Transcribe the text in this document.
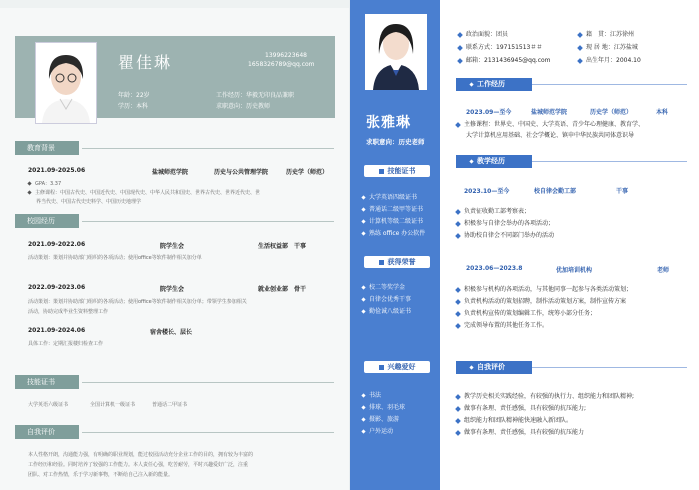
瞿佳琳	13996223648
1658326789@qq.com
年龄：22岁
学历：本科
工作经历：华毅无印良品兼职
求职意向：历史教师
教育背景
2021.09-2025.06	盐城师范学院	历史与公共管理学院	历史学（师范）
GPA：3.37
主修课程：中国古代史、中国近代史、中国现代史、中华人民共和国史、世界古代史、世界近代史、世
界当代史、中国古代史史料学、中国历史地理学
校园经历
2021.09-2022.06	院学生会	生活权益部　干事
活动策划：策划并协助部门组织的各项活动；使用office等软件制作相关加分单
2022.09-2023.06	院学生会	就业创业部　骨干
活动策划：策划并协助部门组织的各项活动；使用office等软件制作相关加分单；带领学生参加相关
活动，协助完成毕业生资料整理工作
2021.09-2024.06	宿舍楼长、层长
具体工作：定期汇报楼归检查工作
技能证书
大学英语六级证书	全国计算机一级证书	普通话二甲证书
自我评价
本人性格开朗，沟通能力强，有明确的职业规划，能过校园活动充分企业工作的目的，拥有较为丰富的
工作经历和经验。同时培养了较强的工作能力。本人责任心强，吃苦耐劳，平时兴趣爱好广泛，注重
团队、对工作热情，乐于学习新事物，不断给自己注入新的能量。
张雅琳
求职意向：历史老师
技能证书
大学英语四级证书
普通话二级甲等证书
计算机等级二级证书
熟练 office 办公软件
获得荣誉
校二等奖学金
自律会优秀干事
勤俭诚八级证书
兴趣爱好
书法
排球、羽毛球
摄影、旅游
户外运动
政治面貌：团员
联系方式：197151513＃＃
邮箱：2131436945@qq.com
籍　贯：江苏徐州
现 居 地：江苏盐城
出生年月：2004.10
工作经历
2023.09—至今	盐城师范学院	历史学（师范）	本科
主修课程：世界史、中国史、大学英语、青少年心理健康、教育学、
大学计算机应用基础、社会学概论、镇申中华民族共同体意识导
教学经历
2023.10—至今	校自律会勤工部	干事
负责征收勤工部考察表；
积极参与自律会举办的各项活动；
协助校自律会不同部门举办的活动
2023.06—2023.8	优加培训机构	老师
积极参与机构的各项活动，与其他同事一起参与各类活动策划；
负责机构活动的策划招聘，制作活动策划方案，制作宣传方案
负责机构宣传的策划编辑工作，统筹小部分任务；
完成领导布置的其他任务工作。
自我评价
教学历史相关实践经验，有较强的执行力、组织能力和团队精神;
做事有条理、责任感强，具有较强的抗压能力;
组织能力和团队精神能快速融入新团队。
做事有条理、责任感强，具有较强的抗压能力
